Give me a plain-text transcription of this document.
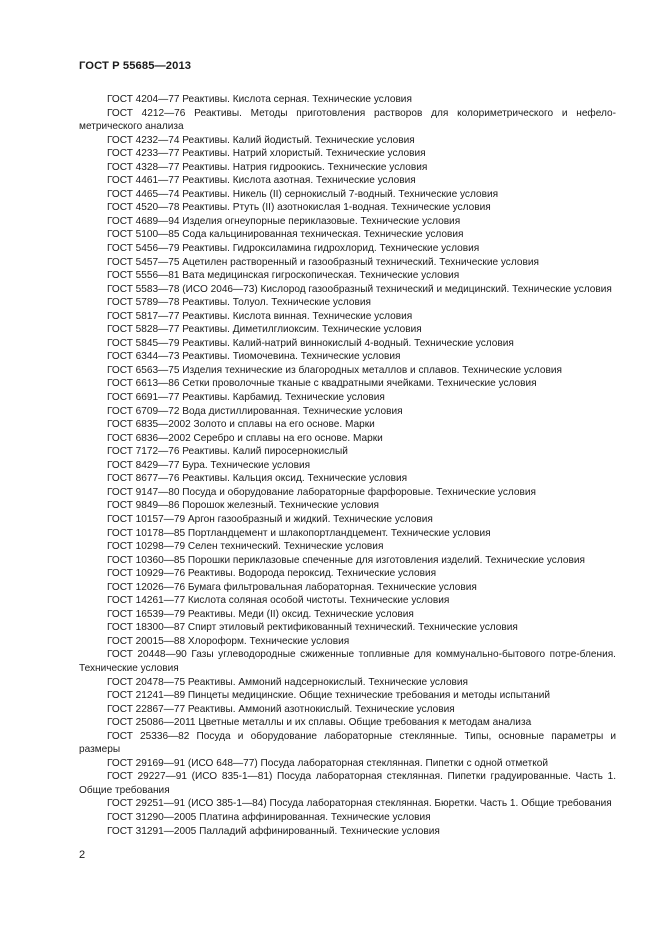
ГОСТ Р 55685—2013

ГОСТ 4204—77 Реактивы. Кислота серная. Технические условия

ГОСТ 4212—76 Реактивы. Методы приготовления растворов для колориметрического и нефело-метрического анализа

ГОСТ 4232—74 Реактивы. Калий йодистый. Технические условия

ГОСТ 4233—77 Реактивы. Натрий хлористый. Технические условия

ГОСТ 4328—77 Реактивы. Натрия гидроокись. Технические условия

ГОСТ 4461—77 Реактивы. Кислота азотная. Технические условия

ГОСТ 4465—74 Реактивы. Никель (II) сернокислый 7-водный. Технические условия

ГОСТ 4520—78 Реактивы. Ртуть (II) азотнокислая 1-водная. Технические условия

ГОСТ 4689—94 Изделия огнеупорные периклазовые. Технические условия

ГОСТ 5100—85 Сода кальцинированная техническая. Технические условия

ГОСТ 5456—79 Реактивы. Гидроксиламина гидрохлорид. Технические условия

ГОСТ 5457—75 Ацетилен растворенный и газообразный технический. Технические условия

ГОСТ 5556—81 Вата медицинская гигроскопическая. Технические условия

ГОСТ 5583—78 (ИСО 2046—73) Кислород газообразный технический и медицинский. Технические условия

ГОСТ 5789—78 Реактивы. Толуол. Технические условия

ГОСТ 5817—77 Реактивы. Кислота винная. Технические условия

ГОСТ 5828—77 Реактивы. Диметилглиоксим. Технические условия

ГОСТ 5845—79 Реактивы. Калий-натрий виннокислый 4-водный. Технические условия

ГОСТ 6344—73 Реактивы. Тиомочевина. Технические условия

ГОСТ 6563—75 Изделия технические из благородных металлов и сплавов. Технические условия

ГОСТ 6613—86 Сетки проволочные тканые с квадратными ячейками. Технические условия

ГОСТ 6691—77 Реактивы. Карбамид. Технические условия

ГОСТ 6709—72 Вода дистиллированная. Технические условия

ГОСТ 6835—2002 Золото и сплавы на его основе. Марки

ГОСТ 6836—2002 Серебро и сплавы на его основе. Марки

ГОСТ 7172—76 Реактивы. Калий пиросернокислый

ГОСТ 8429—77 Бура. Технические условия

ГОСТ 8677—76 Реактивы. Кальция оксид. Технические условия

ГОСТ 9147—80 Посуда и оборудование лабораторные фарфоровые. Технические условия

ГОСТ 9849—86 Порошок железный. Технические условия

ГОСТ 10157—79 Аргон газообразный и жидкий. Технические условия

ГОСТ 10178—85 Портландцемент и шлакопортландцемент. Технические условия

ГОСТ 10298—79 Селен технический. Технические условия

ГОСТ 10360—85 Порошки периклазовые спеченные для изготовления изделий. Технические условия

ГОСТ 10929—76 Реактивы. Водорода пероксид. Технические условия

ГОСТ 12026—76 Бумага фильтровальная лабораторная. Технические условия

ГОСТ 14261—77 Кислота соляная особой чистоты. Технические условия

ГОСТ 16539—79 Реактивы. Меди (II) оксид. Технические условия

ГОСТ 18300—87 Спирт этиловый ректификованный технический. Технические условия

ГОСТ 20015—88 Хлороформ. Технические условия

ГОСТ 20448—90 Газы углеводородные сжиженные топливные для коммунально-бытового потре-бления. Технические условия

ГОСТ 20478—75 Реактивы. Аммоний надсернокислый. Технические условия

ГОСТ 21241—89 Пинцеты медицинские. Общие технические требования и методы испытаний

ГОСТ 22867—77 Реактивы. Аммоний азотнокислый. Технические условия

ГОСТ 25086—2011 Цветные металлы и их сплавы. Общие требования к методам анализа

ГОСТ 25336—82 Посуда и оборудование лабораторные стеклянные. Типы, основные параметры и размеры

ГОСТ 29169—91 (ИСО 648—77) Посуда лабораторная стеклянная. Пипетки с одной отметкой

ГОСТ 29227—91 (ИСО 835-1—81) Посуда лабораторная стеклянная. Пипетки градуированные. Часть 1. Общие требования

ГОСТ 29251—91 (ИСО 385-1—84) Посуда лабораторная стеклянная. Бюретки. Часть 1. Общие требования

ГОСТ 31290—2005 Платина аффинированная. Технические условия

ГОСТ 31291—2005 Палладий аффинированный. Технические условия

2
